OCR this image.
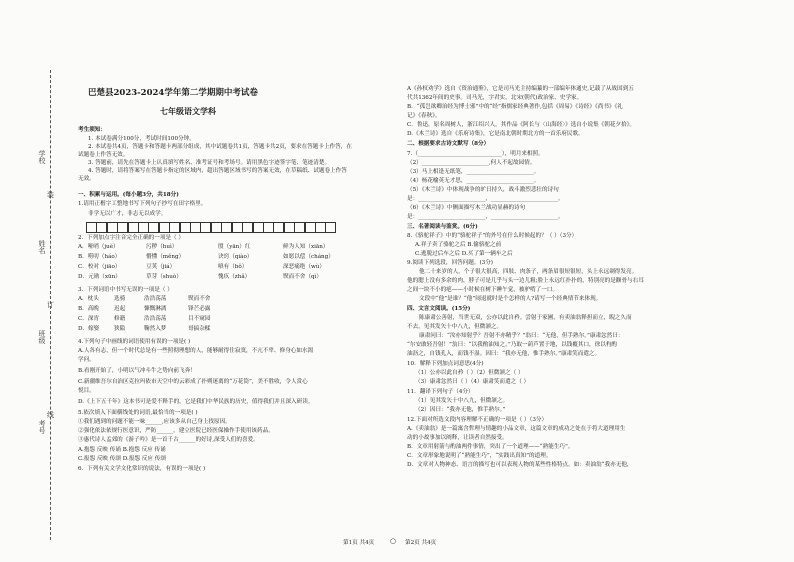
学校
姓名
班级
考号
装
订
线
巴楚县2023-2024学年第二学期期中考试卷
七年级语文学科
考生须知：
1. 本试卷满分100分，考试时间100分钟。
2. 本试卷共4页，答题卡和答题卡两部分组成，其中试题卷共1页，答题卡共2页，要求在答题卡上作答，在
试题卷上作答无效。
3. 答题前，请先在答题卡上认真填写姓名、准考证号和考场号。请用黑色字迹签字笔、笔迹清楚。
4. 答题时，请将答案写在答题卡指定的区域内，超出答题区域书写的答案无效，在草稿纸、试题卷上作答
无效。
一、积累与运用。(每小题3分，共18分)
1.请用正楷字工整地书写下列句子抄写在田字格里。
非学无以广才，非志无以成学。
2．下列加点字注音完全正确的一项是（ ）
A．哑哨（juè）	污秽（huì）	殷（yān）红	鲜为人知（xiān）
B．唠叨（háo）	懵懂（měng）	诀窍（qiào）	如愿以偿（cháng）
C．校对（jiāo）	豆荚（jiá）	嗔有（bǒ）	深恶痛绝（wù）
D．元勋（xūn）	草芽（shuò）	愧疚（zhǎ）	锲而不舍（qì）
3．下列词语中书写无误的一项是（ ）
A．枕头	选骑	浩浩荡荡	锲而不舍
B．高晚	迟起	慷慨淋漓	锋芒必露
C．深宵	修籍	浩浩荡荡	目不窥园
D．嫁娶	狭隘	鞠然入梦	哥搞杂糅
4.下列句子中画线的词语使用有误的一项是( )
A.人各有志，但一个时代总是有一些照彻理想的人，能够耐得住寂寞，不亢不卑、修身心如水渴
学问。
B.看刚开始了，小明以气冲斗牛之势向前飞奔！
C.新疆维吾尔自治区克拉玛依市天空中的云彩成了扑朔迷离的“万花筒”，美不胜收，令人赏心
悦目。
D.《上下五千年》这本书可是爱不释手的，它是我们中华民族的历史，值得我们并且深入研读。
5.依次填入下面横线处的词语,最恰当的一项是( )
①我们遇到的问题不能一味______,应该多从自己身上找原因。
②强化依法依规行医意识，严防______，建立医院已经医保操作手使用该药品。
③惠代诗人孟郊的《游子吟》是一首千古______的好诗,深受人们的喜爱。
A.抱怨 反映 传诵 B.抱怨 反应 传诵
C.报怨 反映 传颂 D.报怨 反应 传颂
6．下列有关文学文化常识的说法，有误的一项是( )
A《孙权劝学》选自《资治通鉴》，它是司马光主持编纂的一部编年体通史,记载了从战国到五
代共1362年间的史事。司马光，字君实，北宋(朝代)政治家、史学家。
B．“孤岂欲卿治经为博士邪”中的“经”指儒家经典著作,包括《周易》《诗经》《尚书》《礼
记》《春秋》。
C．鲁迅，原名周树人，浙江绍兴人。其作品《阿长与〈山海经〉》选自小说集《朝花夕拾》。
D.《木兰诗》选自《乐府诗集》，它是南北朝时期北方的一首乐府民歌。
二、根据要求古诗文默写（8分）
7.（______________________________），明月来相照。
（2）________________________,何人不起故园情。
（3）马上相逢无纸笔，________________________。
（4）杨花榆英无才思，________________________。
（5）《木兰诗》中体现战争的旷日持久，战斗激烈悲壮的诗句
是：________________________，________________________。
（6）《木兰诗》中侧面描写木兰战功显赫的诗句
是：________________________，________________________。
三、名著阅读与鉴赏。(6分)
8.《骆驼祥子》中的“骆驼祥子”的外号在什么时候起的？（ ）（3分）
A.祥子卖了骆驼之后 B.偷骆驼之前
C.逃脱过后车之后 D.买了第一辆车之后
9.阅读下列选段，回答问题。(3分)
他二十来岁的人，个子很大很高，四肢、肉条子，两条眉很短很短，头上永远剃得发亮。
他的腮上没有多余的肉，脖子可是几乎与头一边儿粗;脸上永远红扑扑的，特别亮的是颧骨与右耳
之间一块不小的疤——小时候在树下睡午觉，被驴啃了一口。
文段中“他”是谁？“他”闹退就时是个怎样的人?请写一个经典情节来体现。
四、文言文阅读。(15分)
陈康肃公善射，当世无双，公亦以此自矜。尝射于家圃，有卖油翁释担而立，睨之久而
不去。见其发矢十中八九，但微颔之。
康肃问曰：“汝亦知射乎？吾射不亦精乎？”翁曰：“无他，但手熟尔。”康肃忿然曰：
“尔安敢轻吾射！”翁曰：“以我酌油知之。”乃取一葫芦置于地，以钱覆其口，徐以杓酌
油沥之，自钱孔入，而钱不湿。因曰：“我亦无他，惟手熟尔。”康肃笑而遣之。
10．解释下列加点词意思(4分)
（1）公亦以此自矜（ ）（2）但微颔之（ ）
（3）康肃忿然曰（ ）（4）康肃笑而遣之（ ）
11．翻译下列句子（4分）
（1）见其发矢十中八九，但微颔之。
（2）因曰：“我亦无他，惟手熟尔。”
12.下面对所选文段内容理解不正确的一项是（ ）（3分）
A.《卖油翁》是一篇寓含哲理与情趣的小品文章，这篇文章的成功之处在于将大道理用生
动的小故事加以阐释，让读者自然接受。
B．文章用射箭与酌油两件事情，突出了一个道理——“熟能生巧”。
C．文章形象地说明了“熟能生巧”，“实践出真知”的道理。
D．文章对人物神态、语言的描写也可以表现人物的某些性格特点。如：卖油翁“我亦无他，
第1页 共4页 ○ 第2页 共4页
